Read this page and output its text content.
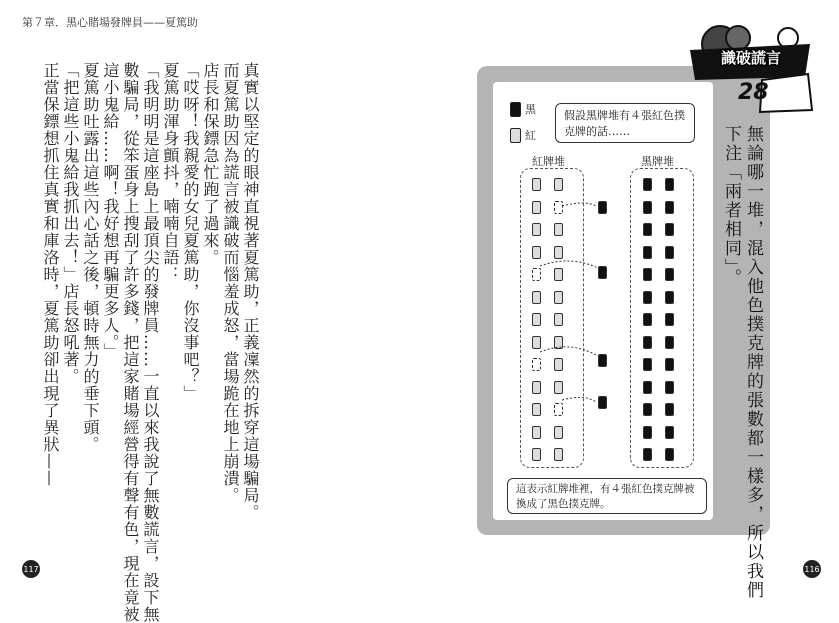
第７章．黑心賭場發牌員——夏篤助
真實以堅定的眼神直視著夏篤助，正義凜然的拆穿這場騙局。
而夏篤助因為謊言被識破而惱羞成怒，當場跪在地上崩潰。
店長和保鏢急忙跑了過來。
「哎呀！我親愛的女兒夏篤助，你沒事吧？」
夏篤助渾身顫抖，喃喃自語：
「我明明是這座島上最頂尖的發牌員……一直以來我說了無數謊言，設下無
數騙局，從笨蛋身上搜刮了許多錢，把這家賭場經營得有聲有色，現在竟被
這小鬼給……啊！我好想再騙更多人。」
夏篤助吐露出這些內心話之後，頓時無力的垂下頭。
「把這些小鬼給我抓出去！」店長怒吼著。
正當保鏢想抓住真實和庫洛時，夏篤助卻出現了異狀——
117	116
識破謊言
28
無論哪一堆，混入他色撲克牌的張數都一樣多，所以我們
下注「兩者相同」。
黑
紅
假設黑牌堆有４張紅色撲克牌的話……
紅牌堆	黑牌堆
這表示紅牌堆裡，有４張紅色撲克牌被換成了黑色撲克牌。
